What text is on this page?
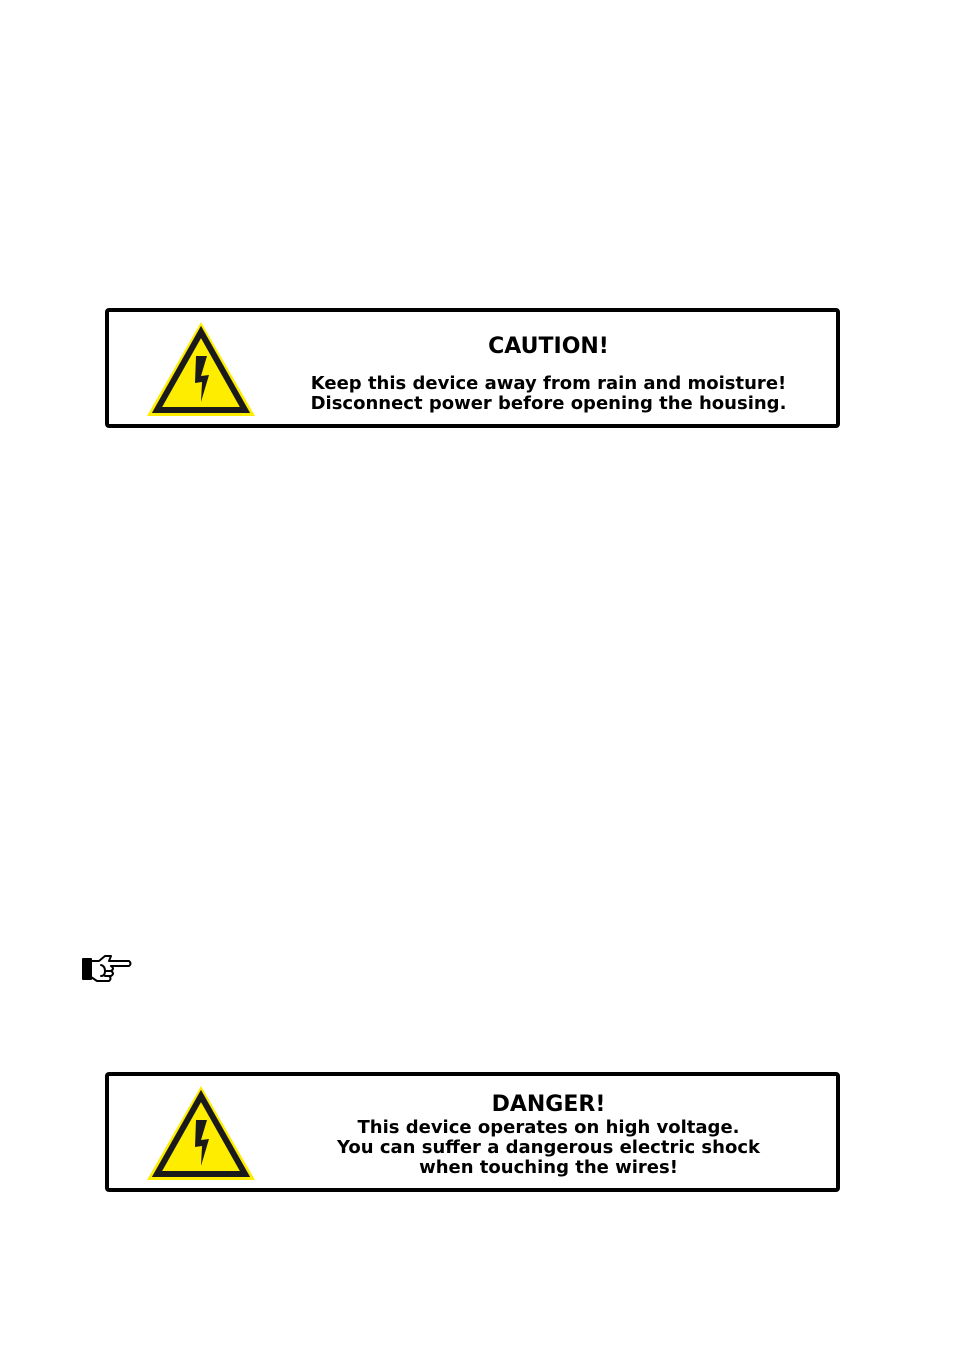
CAUTION!

Keep this device away from rain and moisture!

Disconnect power before opening the housing.

DANGER!

This device operates on high voltage.

You can suffer a dangerous electric shock

when touching the wires!
